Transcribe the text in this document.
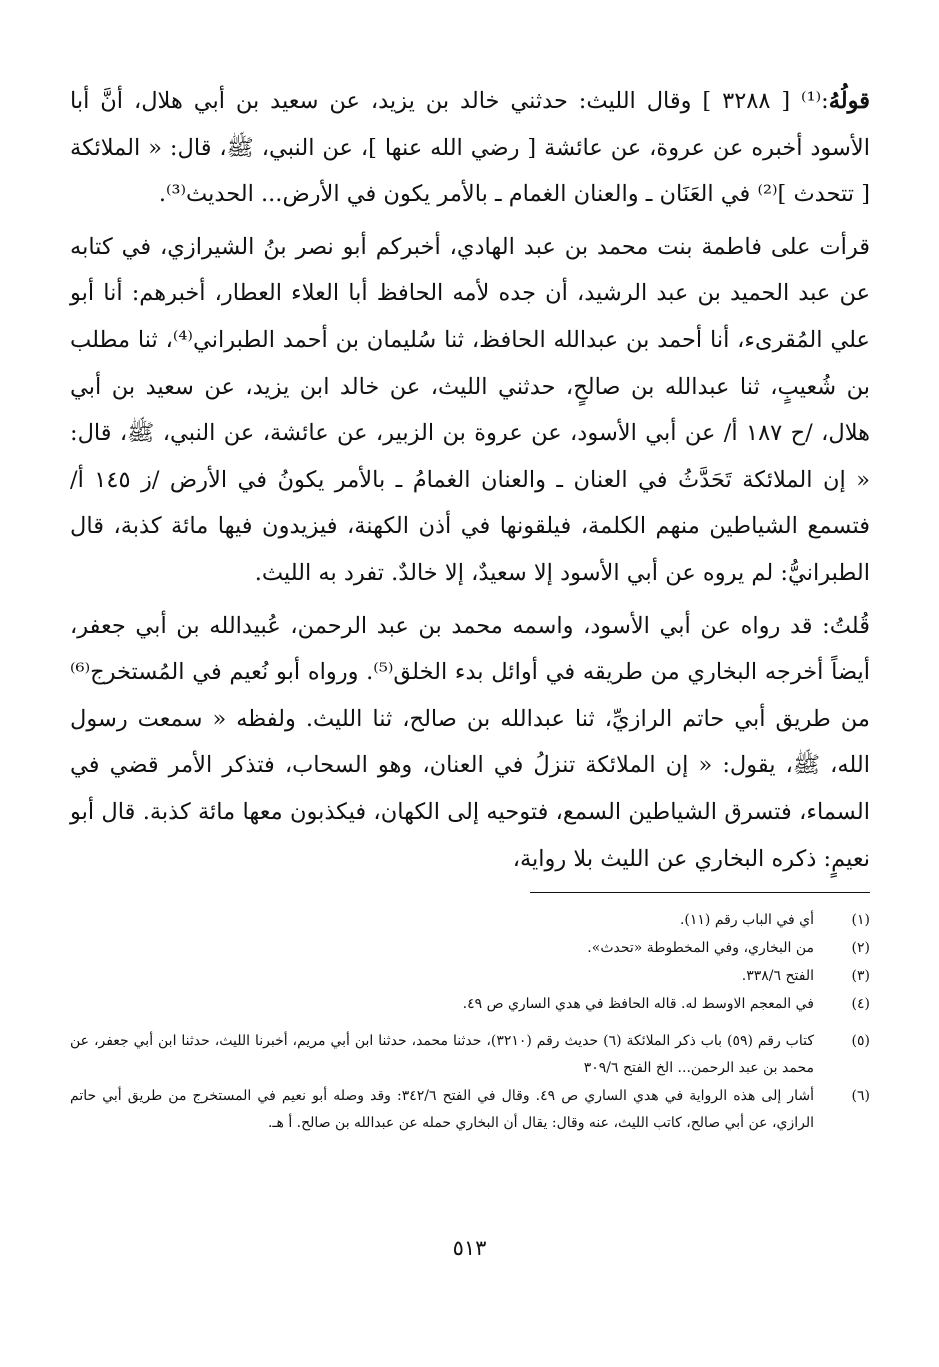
قولُهُ:⁽¹⁾ [ ٣٢٨٨ ] وقال الليث: حدثني خالد بن يزيد، عن سعيد بن أبي هلال، أنَّ أبا الأسود أخبره عن عروة، عن عائشة [ رضي الله عنها ]، عن النبي، ﷺ، قال: « الملائكة [ تتحدث ]⁽²⁾ في العَنَان ـ والعنان الغمام ـ بالأمر يكون في الأرض... الحديث⁽³⁾.

قرأت على فاطمة بنت محمد بن عبد الهادي، أخبركم أبو نصر بنُ الشيرازي، في كتابه عن عبد الحميد بن عبد الرشيد، أن جده لأمه الحافظ أبا العلاء العطار، أخبرهم: أنا أبو علي المُقرىء، أنا أحمد بن عبدالله الحافظ، ثنا سُليمان بن أحمد الطبراني⁽⁴⁾، ثنا مطلب بن شُعيبٍ، ثنا عبدالله بن صالحٍ، حدثني الليث، عن خالد ابن يزيد، عن سعيد بن أبي هلال، /ح ١٨٧ أ/ عن أبي الأسود، عن عروة بن الزبير، عن عائشة، عن النبي، ﷺ، قال: « إن الملائكة تَحَدَّثُ في العنان ـ والعنان الغمامُ ـ بالأمر يكونُ في الأرض /ز ١٤٥ أ/ فتسمع الشياطين منهم الكلمة، فيلقونها في أذن الكهنة، فيزيدون فيها مائة كذبة، قال الطبرانيُّ: لم يروه عن أبي الأسود إلا سعيدٌ، إلا خالدٌ. تفرد به الليث.

قُلتُ: قد رواه عن أبي الأسود، واسمه محمد بن عبد الرحمن، عُبيدالله بن أبي جعفر، أيضاً أخرجه البخاري من طريقه في أوائل بدء الخلق⁽⁵⁾. ورواه أبو نُعيم في المُستخرج⁽⁶⁾ من طريق أبي حاتم الرازيِّ، ثنا عبدالله بن صالح، ثنا الليث. ولفظه « سمعت رسول الله، ﷺ، يقول: « إن الملائكة تنزلُ في العنان، وهو السحاب، فتذكر الأمر قضي في السماء، فتسرق الشياطين السمع، فتوحيه إلى الكهان، فيكذبون معها مائة كذبة. قال أبو نعيمٍ: ذكره البخاري عن الليث بلا رواية،

(١)
أي في الباب رقم (١١).
(٢)
من البخاري، وفي المخطوطة «تحدث».
(٣)
الفتح ٣٣٨/٦.
(٤)
في المعجم الاوسط له. قاله الحافظ في هدي الساري ص ٤٩.
(٥)
كتاب رقم (٥٩) باب ذكر الملائكة (٦) حديث رقم (٣٢١٠)، حدثنا محمد، حدثنا ابن أبي مريم، أخبرنا الليث، حدثنا ابن أبي جعفر، عن محمد بن عبد الرحمن... الخ الفتح ٣٠٩/٦
(٦)
أشار إلى هذه الرواية في هدي الساري ص ٤٩. وقال في الفتح ٣٤٢/٦: وقد وصله أبو نعيم في المستخرج من طريق أبي حاتم الرازي، عن أبي صالح، كاتب الليث، عنه وقال: يقال أن البخاري حمله عن عبدالله بن صالح. أ هـ.
٥١٣
